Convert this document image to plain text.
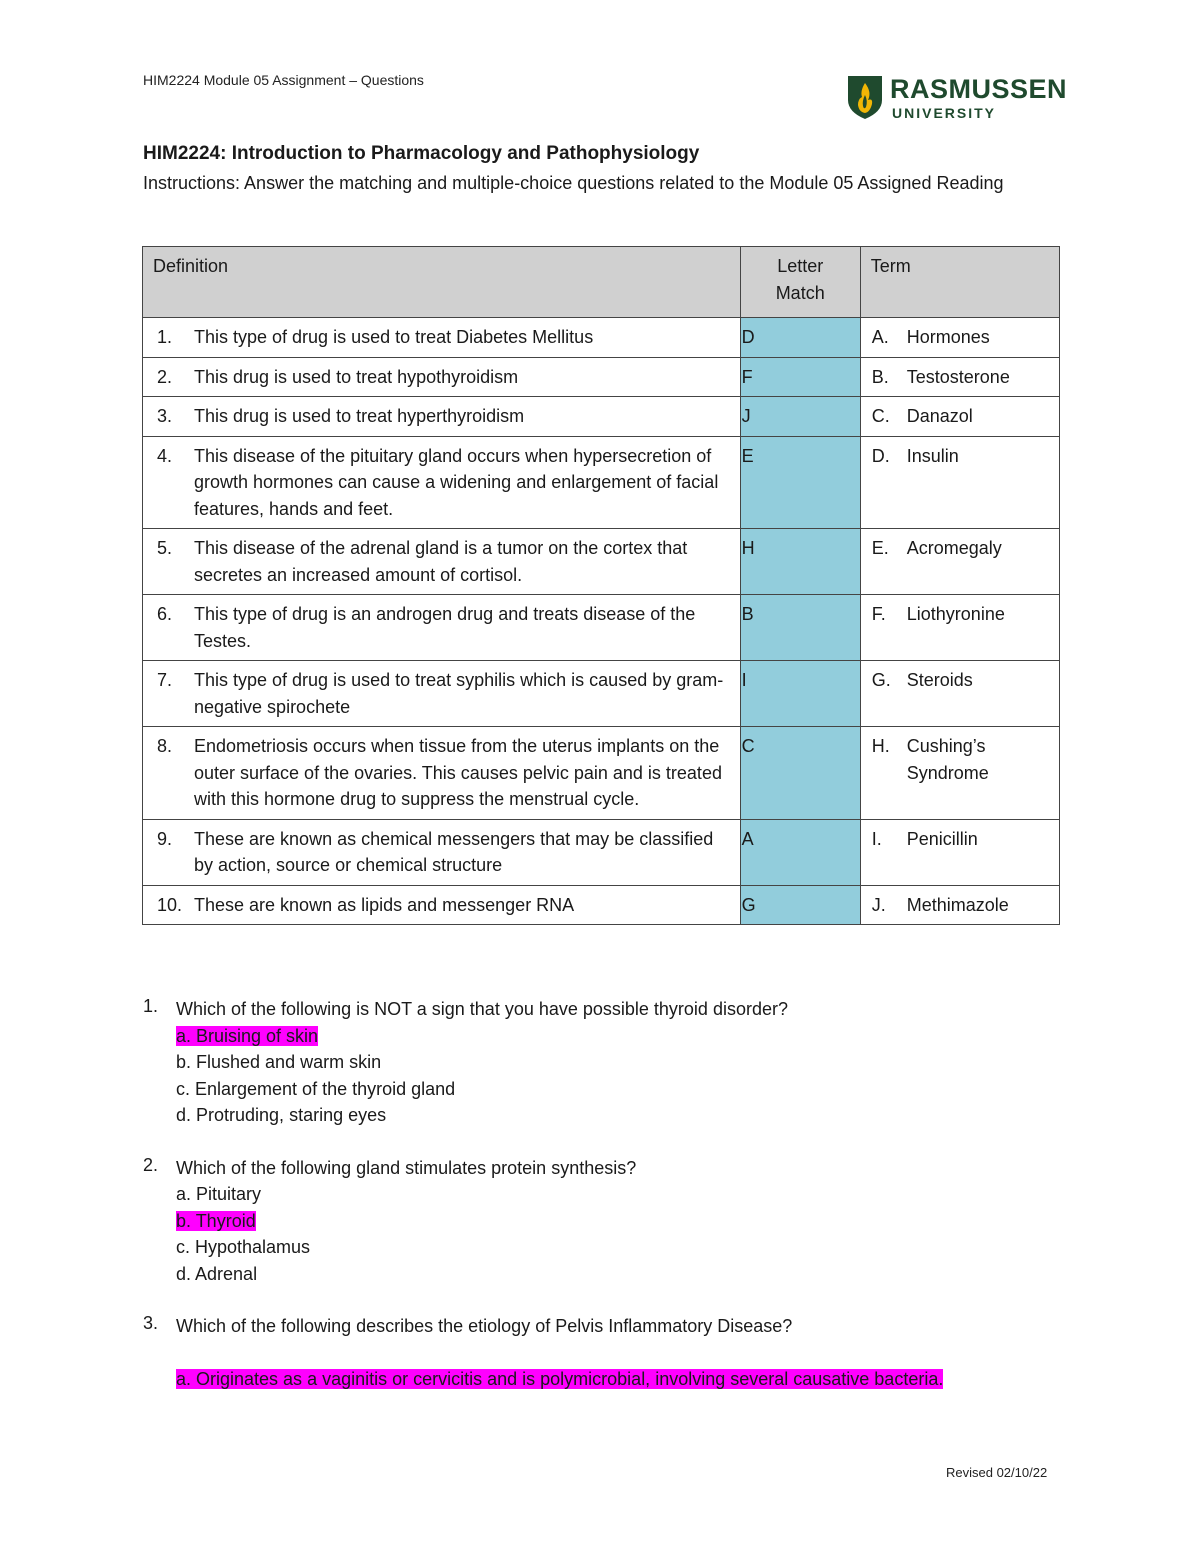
HIM2224 Module 05 Assignment – Questions	RASMUSSEN
UNIVERSITY
HIM2224: Introduction to Pharmacology and Pathophysiology
Instructions: Answer the matching and multiple-choice questions related to the Module 05 Assigned Reading
Definition	Letter Match	Term

1. This type of drug is used to treat Diabetes Mellitus	D	A. Hormones

2. This drug is used to treat hypothyroidism	F	B. Testosterone

3. This drug is used to treat hyperthyroidism	J	C. Danazol

4. This disease of the pituitary gland occurs when hypersecretion of growth hormones can cause a widening and enlargement of facial features, hands and feet.	E	D. Insulin

5. This disease of the adrenal gland is a tumor on the cortex that secretes an increased amount of cortisol.	H	E. Acromegaly

6. This type of drug is an androgen drug and treats disease of the Testes.	B	F. Liothyronine

7. This type of drug is used to treat syphilis which is caused by gram-negative spirochete	I	G. Steroids

8. Endometriosis occurs when tissue from the uterus implants on the outer surface of the ovaries. This causes pelvic pain and is treated with this hormone drug to suppress the menstrual cycle.	C	H. Cushing’s Syndrome

9. These are known as chemical messengers that may be classified by action, source or chemical structure	A	I. Penicillin

10. These are known as lipids and messenger RNA	G	J. Methimazole
1. Which of the following is NOT a sign that you have possible thyroid disorder?
a. Bruising of skin
b. Flushed and warm skin
c. Enlargement of the thyroid gland
d. Protruding, staring eyes
2. Which of the following gland stimulates protein synthesis?
a. Pituitary
b. Thyroid
c. Hypothalamus
d. Adrenal
3. Which of the following describes the etiology of Pelvis Inflammatory Disease?
a. Originates as a vaginitis or cervicitis and is polymicrobial, involving several causative bacteria.
Revised 02/10/22
